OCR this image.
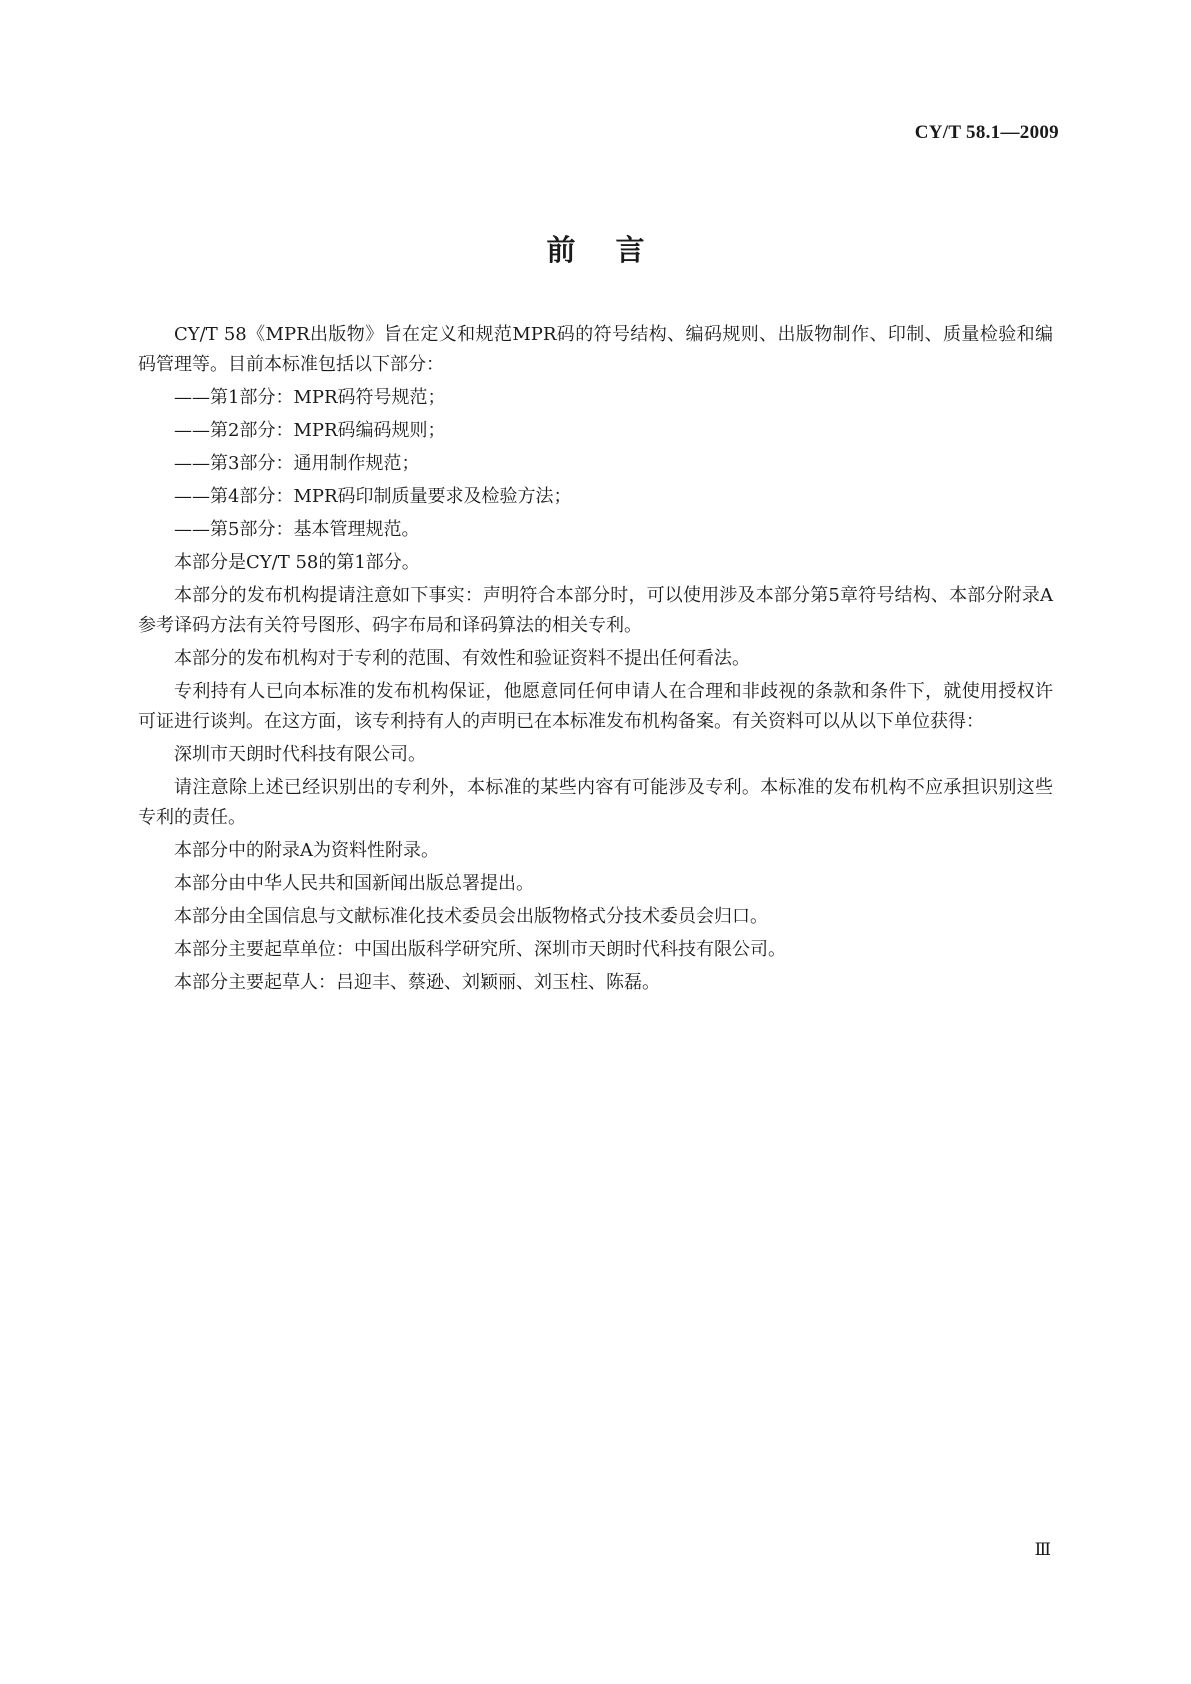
CY/T 58.1—2009
前言

CY/T 58《MPR出版物》旨在定义和规范MPR码的符号结构、编码规则、出版物制作、印制、质量检验和编码管理等。目前本标准包括以下部分：

——第1部分：MPR码符号规范；
——第2部分：MPR码编码规则；
——第3部分：通用制作规范；
——第4部分：MPR码印制质量要求及检验方法；
——第5部分：基本管理规范。

本部分是CY/T 58的第1部分。

本部分的发布机构提请注意如下事实：声明符合本部分时，可以使用涉及本部分第5章符号结构、本部分附录A参考译码方法有关符号图形、码字布局和译码算法的相关专利。

本部分的发布机构对于专利的范围、有效性和验证资料不提出任何看法。

专利持有人已向本标准的发布机构保证，他愿意同任何申请人在合理和非歧视的条款和条件下，就使用授权许可证进行谈判。在这方面，该专利持有人的声明已在本标准发布机构备案。有关资料可以从以下单位获得：

深圳市天朗时代科技有限公司。

请注意除上述已经识别出的专利外，本标准的某些内容有可能涉及专利。本标准的发布机构不应承担识别这些专利的责任。

本部分中的附录A为资料性附录。

本部分由中华人民共和国新闻出版总署提出。

本部分由全国信息与文献标准化技术委员会出版物格式分技术委员会归口。

本部分主要起草单位：中国出版科学研究所、深圳市天朗时代科技有限公司。

本部分主要起草人：吕迎丰、蔡逊、刘颖丽、刘玉柱、陈磊。

Ⅲ
